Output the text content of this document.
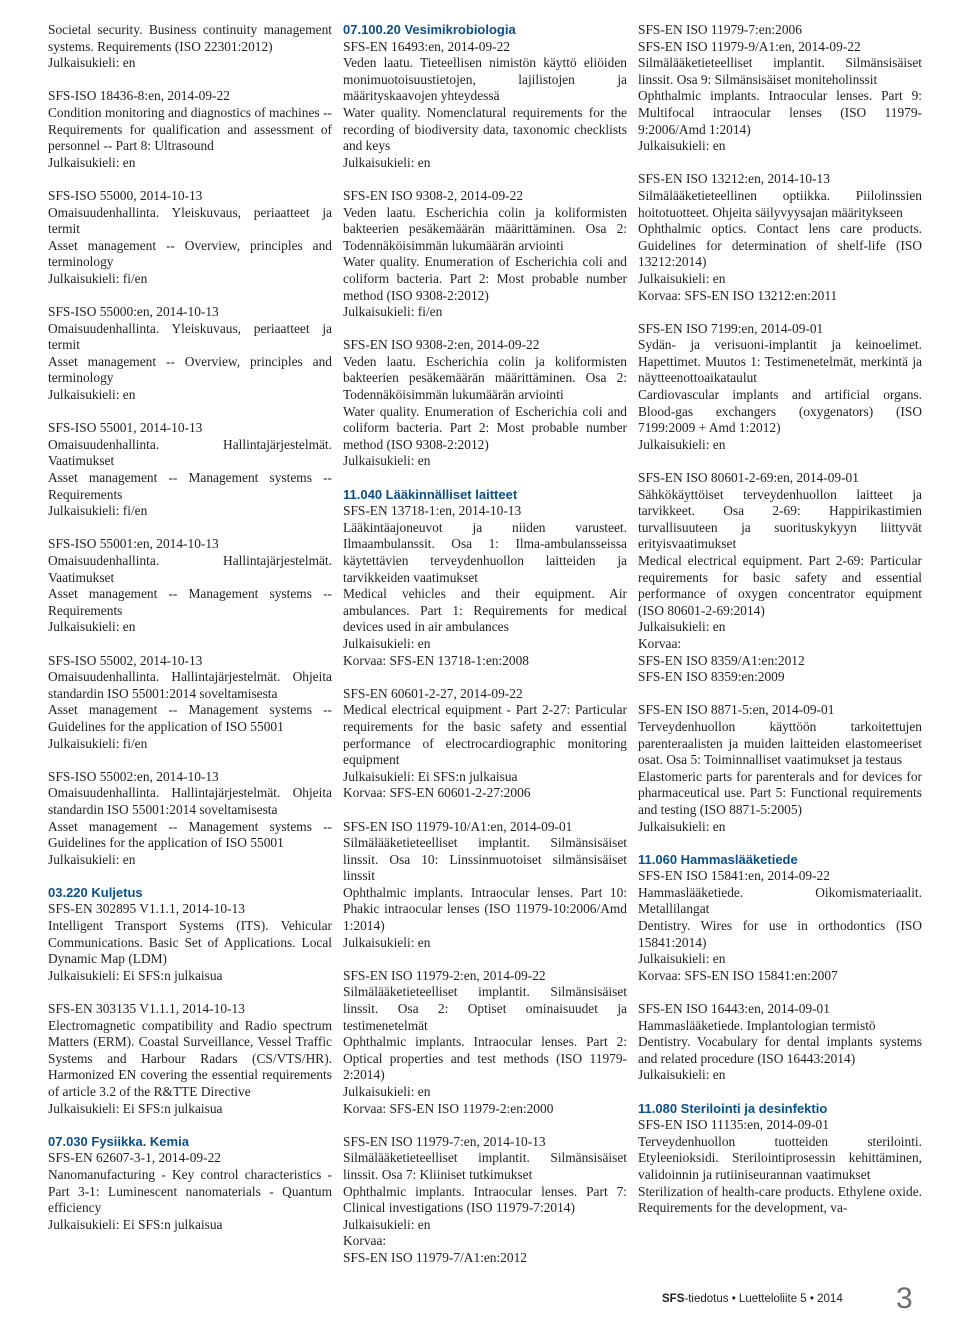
Societal security. Business continuity management systems. Requirements (ISO 22301:2012)
Julkaisukieli: en
SFS-ISO 18436-8:en, 2014-09-22
Condition monitoring and diagnostics of machines -- Requirements for qualification and assessment of personnel -- Part 8: Ultrasound
Julkaisukieli: en
SFS-ISO 55000, 2014-10-13
Omaisuudenhallinta. Yleiskuvaus, periaatteet ja termit
Asset management -- Overview, principles and terminology
Julkaisukieli: fi/en
SFS-ISO 55000:en, 2014-10-13
Omaisuudenhallinta. Yleiskuvaus, periaatteet ja termit
Asset management -- Overview, principles and terminology
Julkaisukieli: en
SFS-ISO 55001, 2014-10-13
Omaisuudenhallinta. Hallintajärjestelmät. Vaatimukset
Asset management -- Management systems -- Requirements
Julkaisukieli: fi/en
SFS-ISO 55001:en, 2014-10-13
Omaisuudenhallinta. Hallintajärjestelmät. Vaatimukset
Asset management -- Management systems -- Requirements
Julkaisukieli: en
SFS-ISO 55002, 2014-10-13
Omaisuudenhallinta. Hallintajärjestelmät. Ohjeita standardin ISO 55001:2014 soveltamisesta
Asset management -- Management systems -- Guidelines for the application of ISO 55001
Julkaisukieli: fi/en
SFS-ISO 55002:en, 2014-10-13
Omaisuudenhallinta. Hallintajärjestelmät. Ohjeita standardin ISO 55001:2014 soveltamisesta
Asset management -- Management systems -- Guidelines for the application of ISO 55001
Julkaisukieli: en
03.220 Kuljetus
SFS-EN 302895 V1.1.1, 2014-10-13
Intelligent Transport Systems (ITS). Vehicular Communications. Basic Set of Applications. Local Dynamic Map (LDM)
Julkaisukieli: Ei SFS:n julkaisua
SFS-EN 303135 V1.1.1, 2014-10-13
Electromagnetic compatibility and Radio spectrum Matters (ERM). Coastal Surveillance, Vessel Traffic Systems and Harbour Radars (CS/VTS/HR). Harmonized EN covering the essential requirements of article 3.2 of the R&TTE Directive
Julkaisukieli: Ei SFS:n julkaisua
07.030 Fysiikka. Kemia
SFS-EN 62607-3-1, 2014-09-22
Nanomanufacturing - Key control characteristics - Part 3-1: Luminescent nanomaterials - Quantum efficiency
Julkaisukieli: Ei SFS:n julkaisua
07.100.20 Vesimikrobiologia
SFS-EN 16493:en, 2014-09-22
Veden laatu. Tieteellisen nimistön käyttö eliöiden monimuotoisuustietojen, lajilistojen ja määrityskaavojen yhteydessä
Water quality. Nomenclatural requirements for the recording of biodiversity data, taxonomic checklists and keys
Julkaisukieli: en
SFS-EN ISO 9308-2, 2014-09-22
Veden laatu. Escherichia colin ja koliformisten bakteerien pesäkemäärän määrittäminen. Osa 2: Todennäköisimmän lukumäärän arviointi
Water quality. Enumeration of Escherichia coli and coliform bacteria. Part 2: Most probable number method (ISO 9308-2:2012)
Julkaisukieli: fi/en
SFS-EN ISO 9308-2:en, 2014-09-22
Veden laatu. Escherichia colin ja koliformisten bakteerien pesäkemäärän määrittäminen. Osa 2: Todennäköisimmän lukumäärän arviointi
Water quality. Enumeration of Escherichia coli and coliform bacteria. Part 2: Most probable number method (ISO 9308-2:2012)
Julkaisukieli: en
11.040 Lääkinnälliset laitteet
SFS-EN 13718-1:en, 2014-10-13
Lääkintäajoneuvot ja niiden varusteet. Ilmaambulanssit. Osa 1: Ilma-ambulansseissa käytettävien terveydenhuollon laitteiden ja tarvikkeiden vaatimukset
Medical vehicles and their equipment. Air ambulances. Part 1: Requirements for medical devices used in air ambulances
Julkaisukieli: en
Korvaa: SFS-EN 13718-1:en:2008
SFS-EN 60601-2-27, 2014-09-22
Medical electrical equipment - Part 2-27: Particular requirements for the basic safety and essential performance of electrocardiographic monitoring equipment
Julkaisukieli: Ei SFS:n julkaisua
Korvaa: SFS-EN 60601-2-27:2006
SFS-EN ISO 11979-10/A1:en, 2014-09-01
Silmälääketieteelliset implantit. Silmänsisäiset linssit. Osa 10: Linssinmuotoiset silmänsisäiset linssit
Ophthalmic implants. Intraocular lenses. Part 10: Phakic intraocular lenses (ISO 11979-10:2006/Amd 1:2014)
Julkaisukieli: en
SFS-EN ISO 11979-2:en, 2014-09-22
Silmälääketieteelliset implantit. Silmänsisäiset linssit. Osa 2: Optiset ominaisuudet ja testimenetelmät
Ophthalmic implants. Intraocular lenses. Part 2: Optical properties and test methods (ISO 11979-2:2014)
Julkaisukieli: en
Korvaa: SFS-EN ISO 11979-2:en:2000
SFS-EN ISO 11979-7:en, 2014-10-13
Silmälääketieteelliset implantit. Silmänsisäiset linssit. Osa 7: Kliiniset tutkimukset
Ophthalmic implants. Intraocular lenses. Part 7: Clinical investigations (ISO 11979-7:2014)
Julkaisukieli: en
Korvaa:
SFS-EN ISO 11979-7/A1:en:2012
SFS-EN ISO 11979-7:en:2006
SFS-EN ISO 11979-9/A1:en, 2014-09-22
Silmälääketieteelliset implantit. Silmänsisäiset linssit. Osa 9: Silmänsisäiset moniteholinssit
Ophthalmic implants. Intraocular lenses. Part 9: Multifocal intraocular lenses (ISO 11979-9:2006/Amd 1:2014)
Julkaisukieli: en
SFS-EN ISO 13212:en, 2014-10-13
Silmälääketieteellinen optiikka. Piilolinssien hoitotuotteet. Ohjeita säilyvyysajan määritykseen
Ophthalmic optics. Contact lens care products. Guidelines for determination of shelf-life (ISO 13212:2014)
Julkaisukieli: en
Korvaa: SFS-EN ISO 13212:en:2011
SFS-EN ISO 7199:en, 2014-09-01
Sydän- ja verisuoni-implantit ja keinoelimet. Hapettimet. Muutos 1: Testimenetelmät, merkintä ja näytteenottoaikataulut
Cardiovascular implants and artificial organs. Blood-gas exchangers (oxygenators) (ISO 7199:2009 + Amd 1:2012)
Julkaisukieli: en
SFS-EN ISO 80601-2-69:en, 2014-09-01
Sähkökäyttöiset terveydenhuollon laitteet ja tarvikkeet. Osa 2-69: Happirikastimien turvallisuuteen ja suorituskykyyn liittyvät erityisvaatimukset
Medical electrical equipment. Part 2-69: Particular requirements for basic safety and essential performance of oxygen concentrator equipment (ISO 80601-2-69:2014)
Julkaisukieli: en
Korvaa:
SFS-EN ISO 8359/A1:en:2012
SFS-EN ISO 8359:en:2009
SFS-EN ISO 8871-5:en, 2014-09-01
Terveydenhuollon käyttöön tarkoitettujen parenteraalisten ja muiden laitteiden elastomeeriset osat. Osa 5: Toiminnalliset vaatimukset ja testaus
Elastomeric parts for parenterals and for devices for pharmaceutical use. Part 5: Functional requirements and testing (ISO 8871-5:2005)
Julkaisukieli: en
11.060 Hammaslääketiede
SFS-EN ISO 15841:en, 2014-09-22
Hammaslääketiede. Oikomismateriaalit. Metallilangat
Dentistry. Wires for use in orthodontics (ISO 15841:2014)
Julkaisukieli: en
Korvaa: SFS-EN ISO 15841:en:2007
SFS-EN ISO 16443:en, 2014-09-01
Hammaslääketiede. Implantologian termistö
Dentistry. Vocabulary for dental implants systems and related procedure (ISO 16443:2014)
Julkaisukieli: en
11.080 Sterilointi ja desinfektio
SFS-EN ISO 11135:en, 2014-09-01
Terveydenhuollon tuotteiden sterilointi. Etyleenioksidi. Sterilointiprosessin kehittäminen, validoinnin ja rutiiniseurannan vaatimukset
Sterilization of health-care products. Ethylene oxide. Requirements for the development, va-
SFS-tiedotus • Luetteloliite 5 • 2014 3
